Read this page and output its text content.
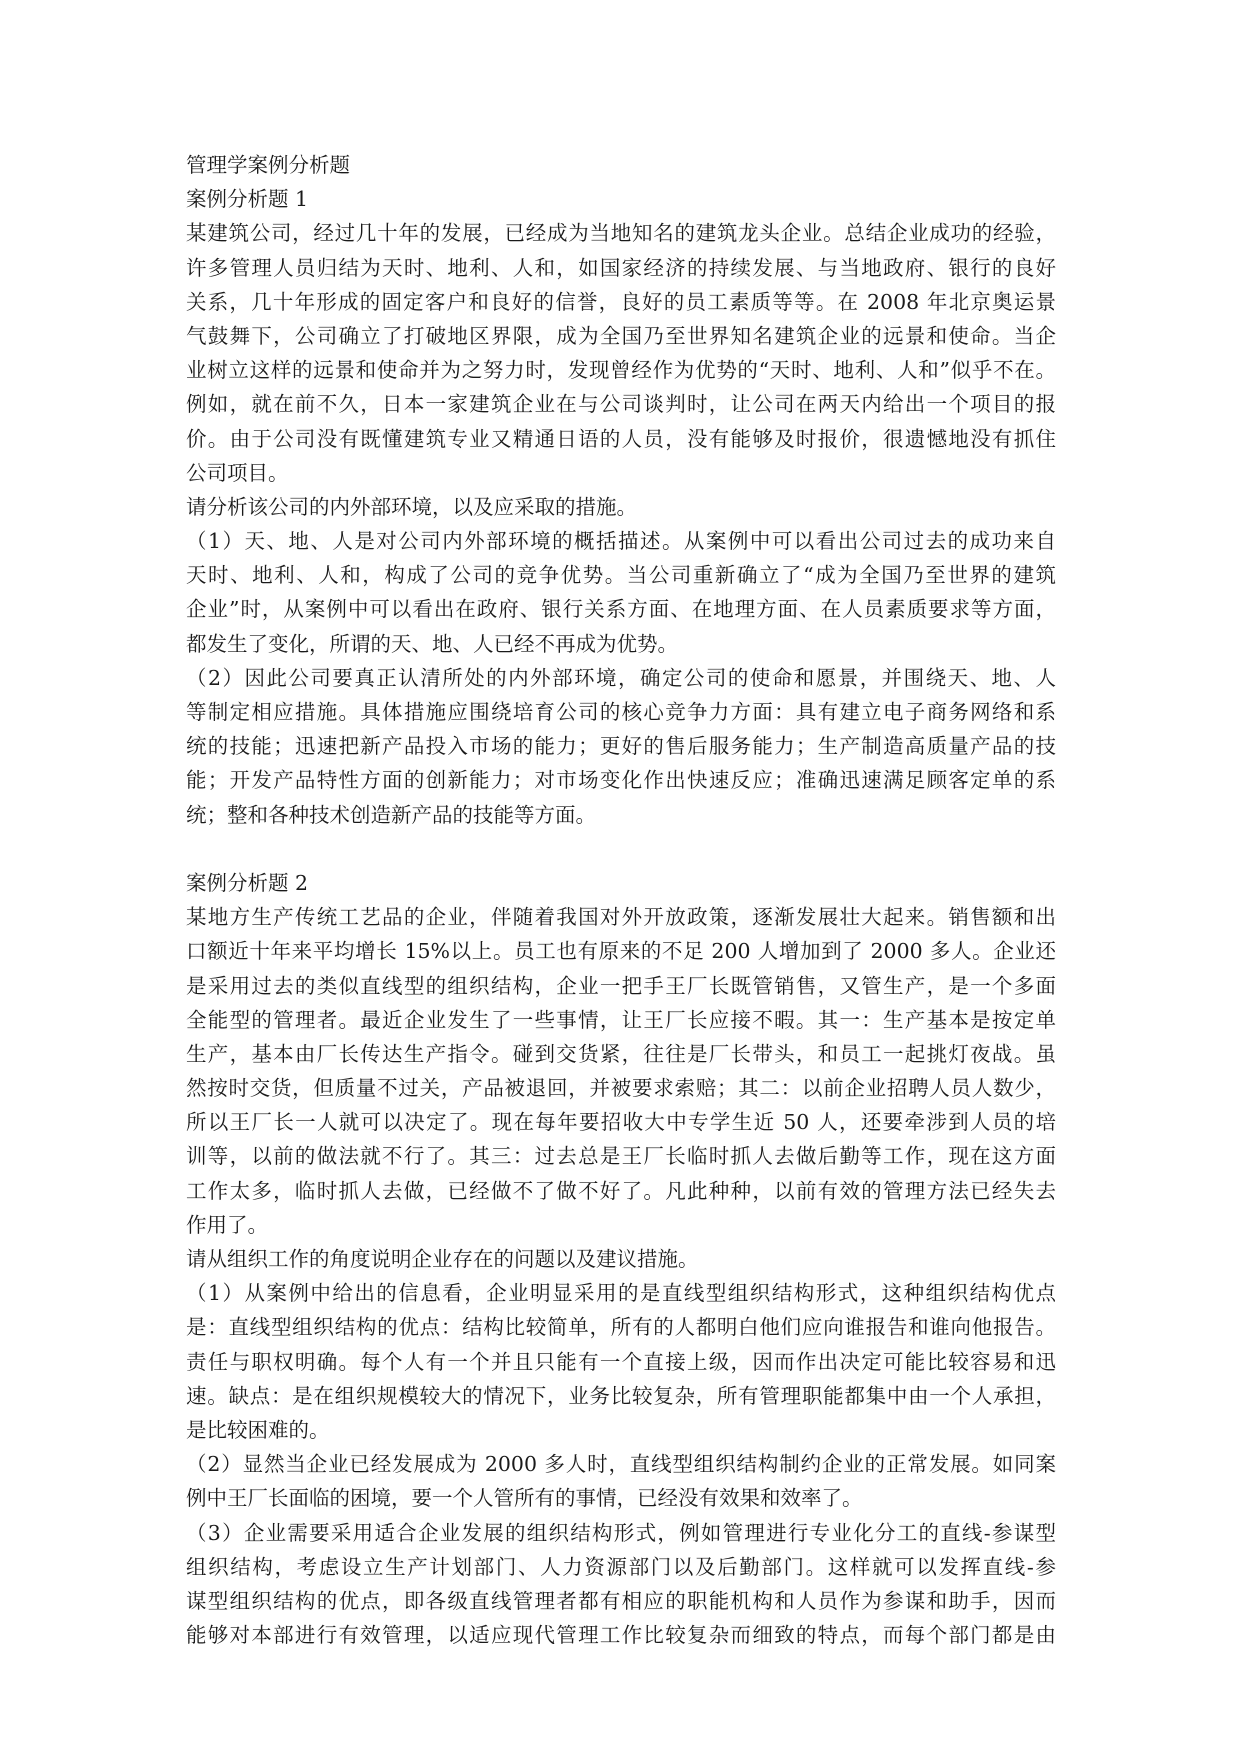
管理学案例分析题
案例分析题 1
某建筑公司，经过几十年的发展，已经成为当地知名的建筑龙头企业。总结企业成功的经验，
许多管理人员归结为天时、地利、人和，如国家经济的持续发展、与当地政府、银行的良好
关系，几十年形成的固定客户和良好的信誉，良好的员工素质等等。在 2008 年北京奥运景
气鼓舞下，公司确立了打破地区界限，成为全国乃至世界知名建筑企业的远景和使命。当企
业树立这样的远景和使命并为之努力时，发现曾经作为优势的“天时、地利、人和”似乎不在。
例如，就在前不久，日本一家建筑企业在与公司谈判时，让公司在两天内给出一个项目的报
价。由于公司没有既懂建筑专业又精通日语的人员，没有能够及时报价，很遗憾地没有抓住
公司项目。
请分析该公司的内外部环境，以及应采取的措施。
（1）天、地、人是对公司内外部环境的概括描述。从案例中可以看出公司过去的成功来自
天时、地利、人和，构成了公司的竞争优势。当公司重新确立了“成为全国乃至世界的建筑
企业”时，从案例中可以看出在政府、银行关系方面、在地理方面、在人员素质要求等方面，
都发生了变化，所谓的天、地、人已经不再成为优势。
（2）因此公司要真正认清所处的内外部环境，确定公司的使命和愿景，并围绕天、地、人
等制定相应措施。具体措施应围绕培育公司的核心竞争力方面：具有建立电子商务网络和系
统的技能；迅速把新产品投入市场的能力；更好的售后服务能力；生产制造高质量产品的技
能；开发产品特性方面的创新能力；对市场变化作出快速反应；准确迅速满足顾客定单的系
统；整和各种技术创造新产品的技能等方面。
案例分析题 2
某地方生产传统工艺品的企业，伴随着我国对外开放政策，逐渐发展壮大起来。销售额和出
口额近十年来平均增长 15%以上。员工也有原来的不足 200 人增加到了 2000 多人。企业还
是采用过去的类似直线型的组织结构，企业一把手王厂长既管销售，又管生产，是一个多面
全能型的管理者。最近企业发生了一些事情，让王厂长应接不暇。其一：生产基本是按定单
生产，基本由厂长传达生产指令。碰到交货紧，往往是厂长带头，和员工一起挑灯夜战。虽
然按时交货，但质量不过关，产品被退回，并被要求索赔；其二：以前企业招聘人员人数少，
所以王厂长一人就可以决定了。现在每年要招收大中专学生近 50 人，还要牵涉到人员的培
训等，以前的做法就不行了。其三：过去总是王厂长临时抓人去做后勤等工作，现在这方面
工作太多，临时抓人去做，已经做不了做不好了。凡此种种，以前有效的管理方法已经失去
作用了。
请从组织工作的角度说明企业存在的问题以及建议措施。
（1）从案例中给出的信息看，企业明显采用的是直线型组织结构形式，这种组织结构优点
是：直线型组织结构的优点：结构比较简单，所有的人都明白他们应向谁报告和谁向他报告。
责任与职权明确。每个人有一个并且只能有一个直接上级，因而作出决定可能比较容易和迅
速。缺点：是在组织规模较大的情况下，业务比较复杂，所有管理职能都集中由一个人承担，
是比较困难的。
（2）显然当企业已经发展成为 2000 多人时，直线型组织结构制约企业的正常发展。如同案
例中王厂长面临的困境，要一个人管所有的事情，已经没有效果和效率了。
（3）企业需要采用适合企业发展的组织结构形式，例如管理进行专业化分工的直线-参谋型
组织结构，考虑设立生产计划部门、人力资源部门以及后勤部门。这样就可以发挥直线-参
谋型组织结构的优点，即各级直线管理者都有相应的职能机构和人员作为参谋和助手，因而
能够对本部进行有效管理，以适应现代管理工作比较复杂而细致的特点，而每个部门都是由
